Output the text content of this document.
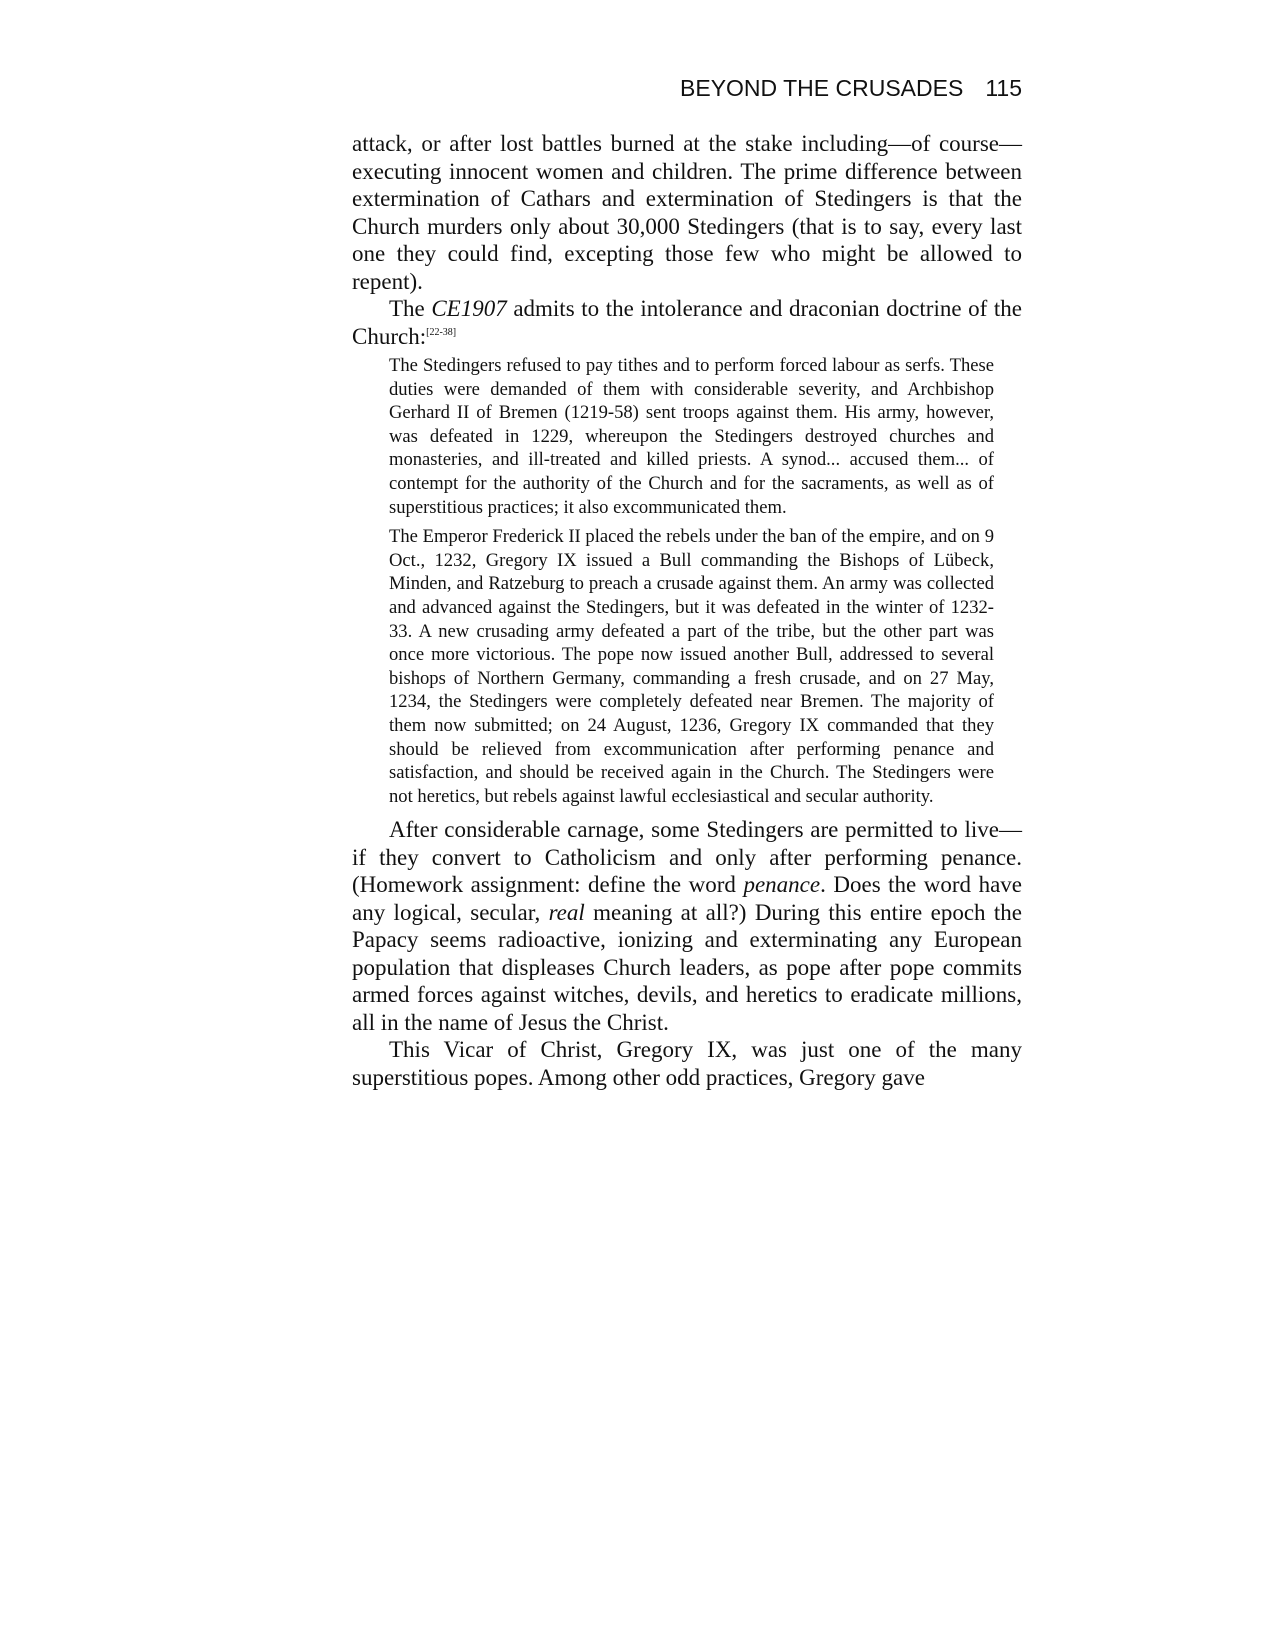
BEYOND THE CRUSADES 115

attack, or after lost battles burned at the stake including—of course—executing innocent women and children. The prime difference between extermination of Cathars and extermination of Stedingers is that the Church murders only about 30,000 Stedingers (that is to say, every last one they could find, excepting those few who might be allowed to repent).

The CE1907 admits to the intolerance and draconian doctrine of the Church:[22-38]

The Stedingers refused to pay tithes and to perform forced labour as serfs. These duties were demanded of them with considerable severity, and Archbishop Gerhard II of Bremen (1219-58) sent troops against them. His army, however, was defeated in 1229, whereupon the Stedingers destroyed churches and monasteries, and ill-treated and killed priests. A synod... accused them... of contempt for the authority of the Church and for the sacraments, as well as of superstitious practices; it also excommunicated them.

The Emperor Frederick II placed the rebels under the ban of the empire, and on 9 Oct., 1232, Gregory IX issued a Bull commanding the Bishops of Lübeck, Minden, and Ratzeburg to preach a crusade against them. An army was collected and advanced against the Stedingers, but it was defeated in the winter of 1232-33. A new crusading army defeated a part of the tribe, but the other part was once more victorious. The pope now issued another Bull, addressed to several bishops of Northern Germany, commanding a fresh crusade, and on 27 May, 1234, the Stedingers were completely defeated near Bremen. The majority of them now submitted; on 24 August, 1236, Gregory IX commanded that they should be relieved from excommunication after performing penance and satisfaction, and should be received again in the Church. The Stedingers were not heretics, but rebels against lawful ecclesiastical and secular authority.

After considerable carnage, some Stedingers are permitted to live—if they convert to Catholicism and only after performing penance. (Homework assignment: define the word penance. Does the word have any logical, secular, real meaning at all?) During this entire epoch the Papacy seems radioactive, ionizing and exterminating any European population that displeases Church leaders, as pope after pope commits armed forces against witches, devils, and heretics to eradicate millions, all in the name of Jesus the Christ.

This Vicar of Christ, Gregory IX, was just one of the many superstitious popes. Among other odd practices, Gregory gave
